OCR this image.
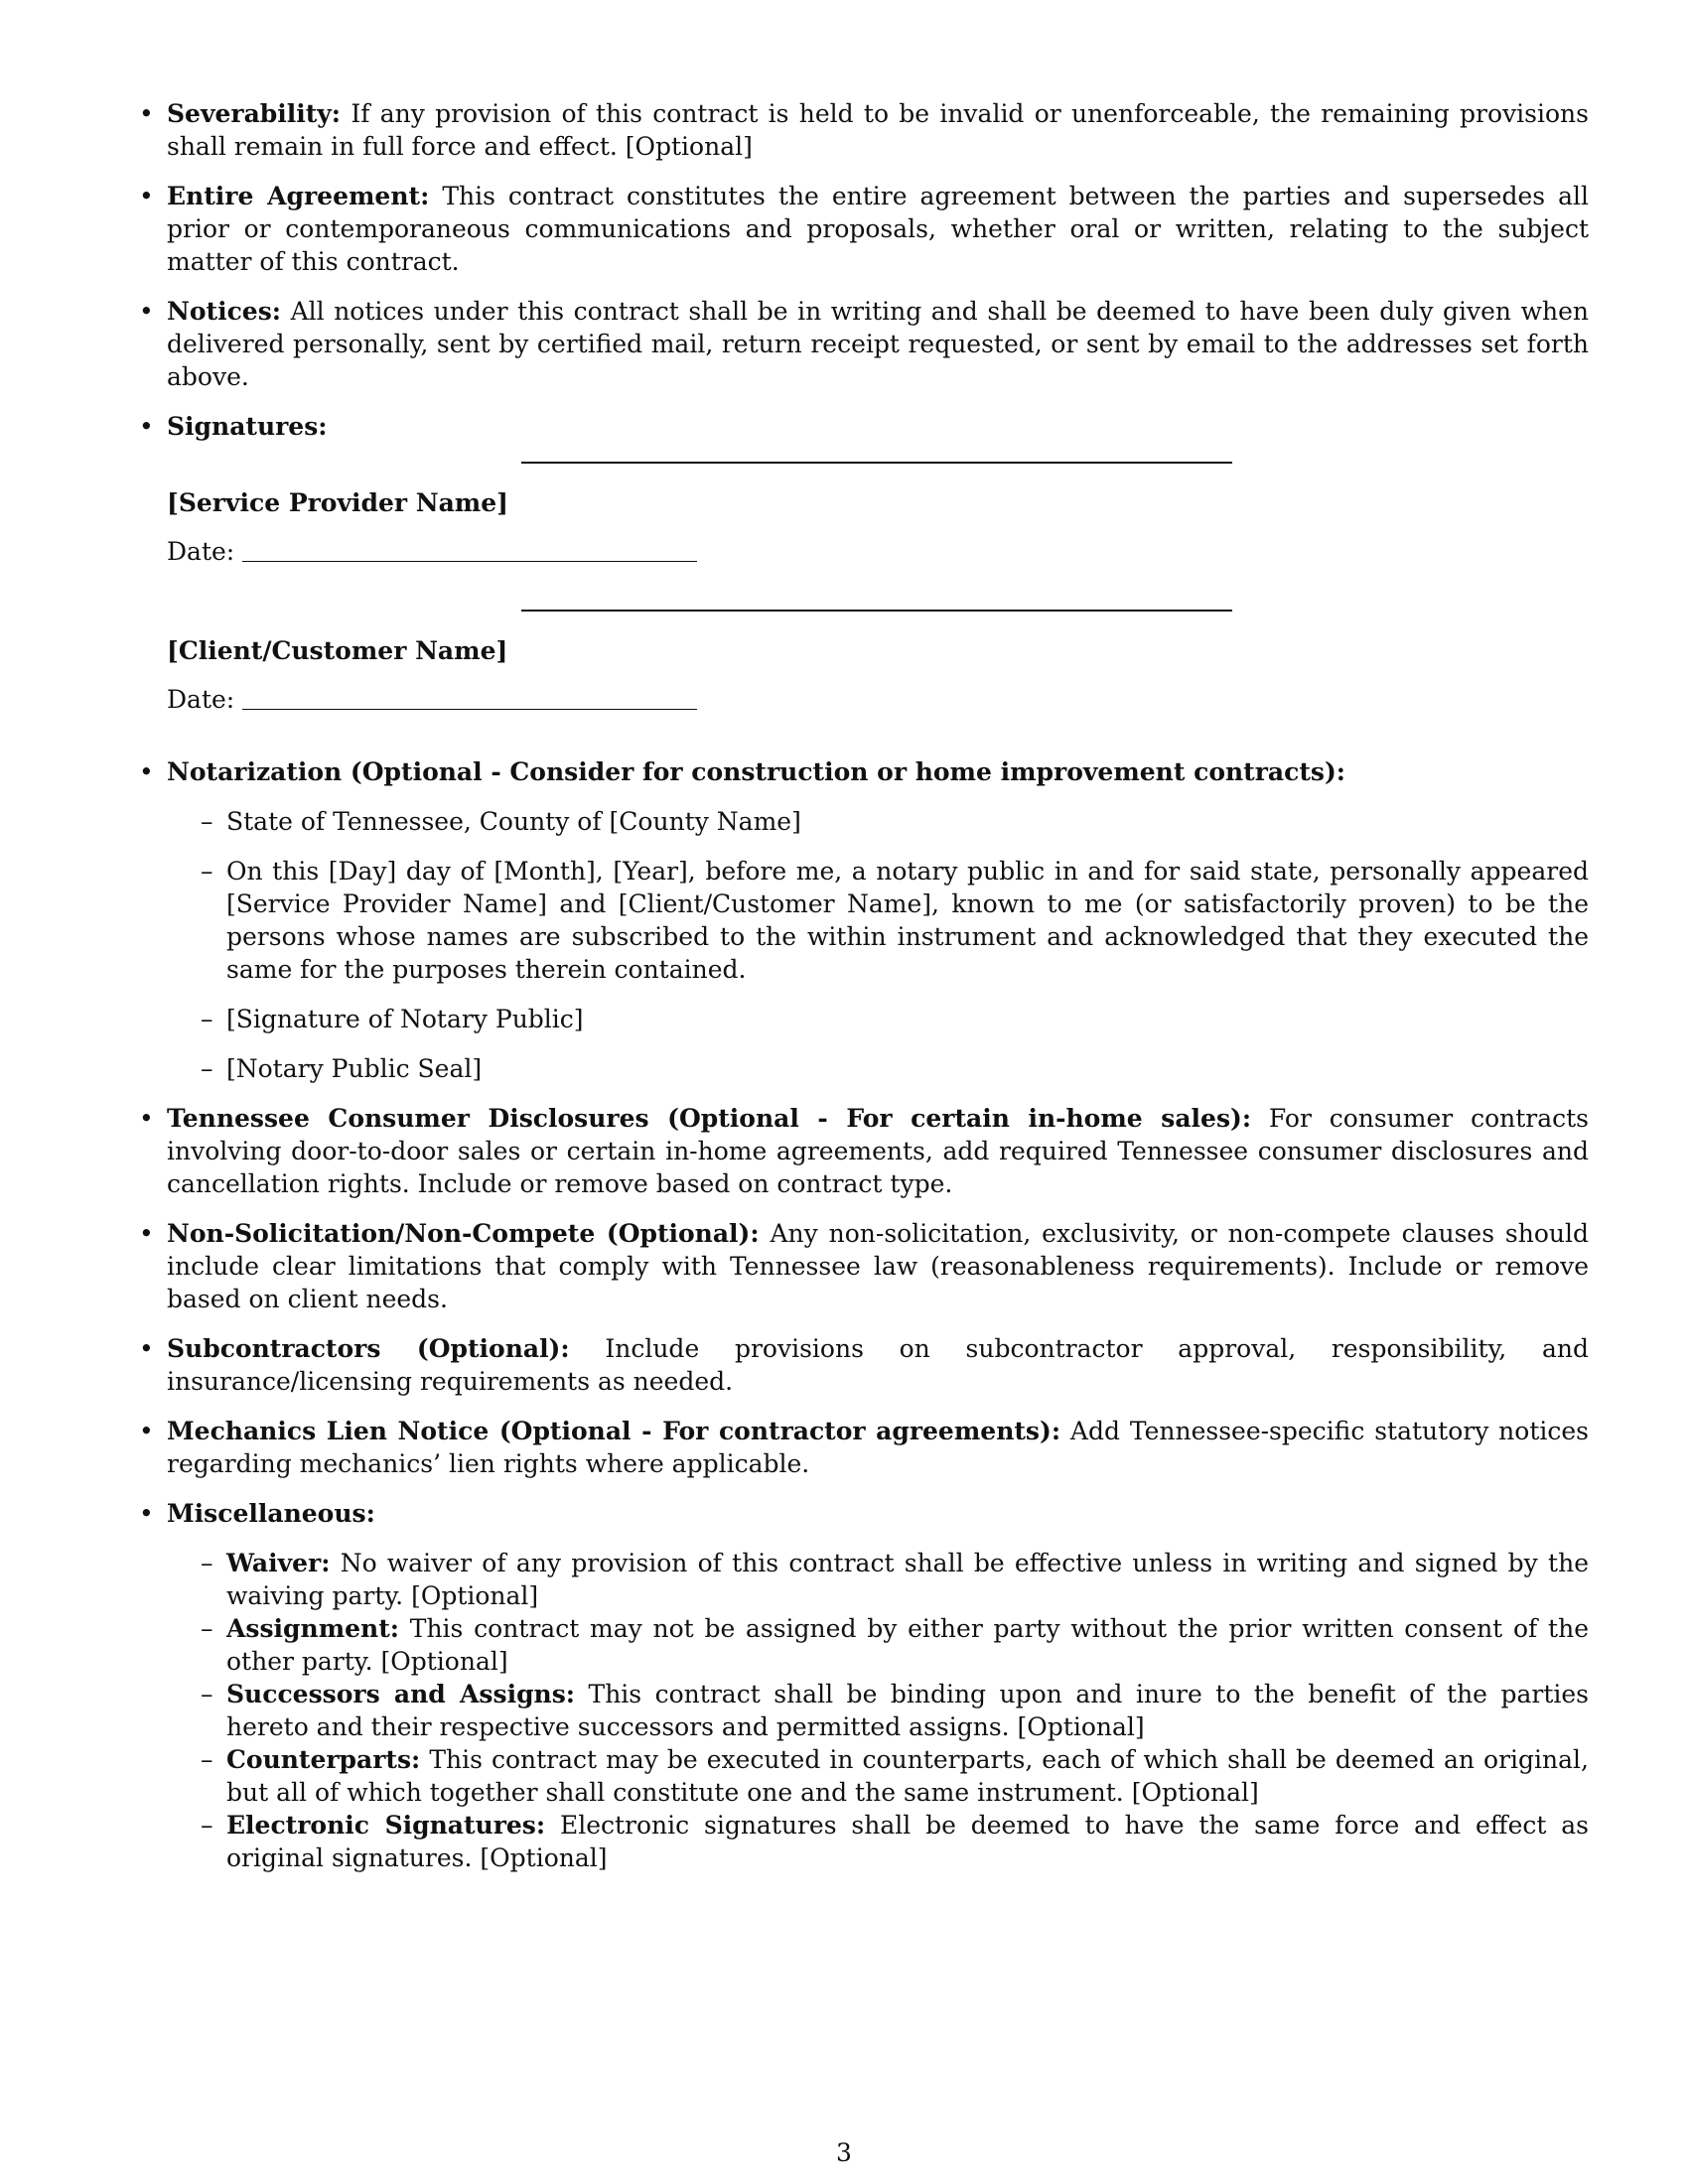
• Severability: If any provision of this contract is held to be invalid or unenforceable, the remaining provisions shall remain in full force and effect. [Optional]
• Entire Agreement: This contract constitutes the entire agreement between the parties and supersedes all prior or contemporaneous communications and proposals, whether oral or written, relating to the subject matter of this contract.
• Notices: All notices under this contract shall be in writing and shall be deemed to have been duly given when delivered personally, sent by certified mail, return receipt requested, or sent by email to the addresses set forth above.
• Signatures:
[Service Provider Name]
Date:
[Client/Customer Name]
Date:
• Notarization (Optional - Consider for construction or home improvement contracts):
– State of Tennessee, County of [County Name]
– On this [Day] day of [Month], [Year], before me, a notary public in and for said state, personally appeared [Service Provider Name] and [Client/Customer Name], known to me (or satisfactorily proven) to be the persons whose names are subscribed to the within instrument and acknowledged that they executed the same for the purposes therein contained.
– [Signature of Notary Public]
– [Notary Public Seal]
• Tennessee Consumer Disclosures (Optional - For certain in-home sales): For consumer contracts involving door-to-door sales or certain in-home agreements, add required Tennessee consumer disclosures and cancellation rights. Include or remove based on contract type.
• Non-Solicitation/Non-Compete (Optional): Any non-solicitation, exclusivity, or non-compete clauses should include clear limitations that comply with Tennessee law (reasonableness requirements). Include or remove based on client needs.
• Subcontractors (Optional): Include provisions on subcontractor approval, responsibility, and insurance/licensing requirements as needed.
• Mechanics Lien Notice (Optional - For contractor agreements): Add Tennessee-specific statutory notices regarding mechanics’ lien rights where applicable.
• Miscellaneous:
– Waiver: No waiver of any provision of this contract shall be effective unless in writing and signed by the waiving party. [Optional]
– Assignment: This contract may not be assigned by either party without the prior written consent of the other party. [Optional]
– Successors and Assigns: This contract shall be binding upon and inure to the benefit of the parties hereto and their respective successors and permitted assigns. [Optional]
– Counterparts: This contract may be executed in counterparts, each of which shall be deemed an original, but all of which together shall constitute one and the same instrument. [Optional]
– Electronic Signatures: Electronic signatures shall be deemed to have the same force and effect as original signatures. [Optional]
3
